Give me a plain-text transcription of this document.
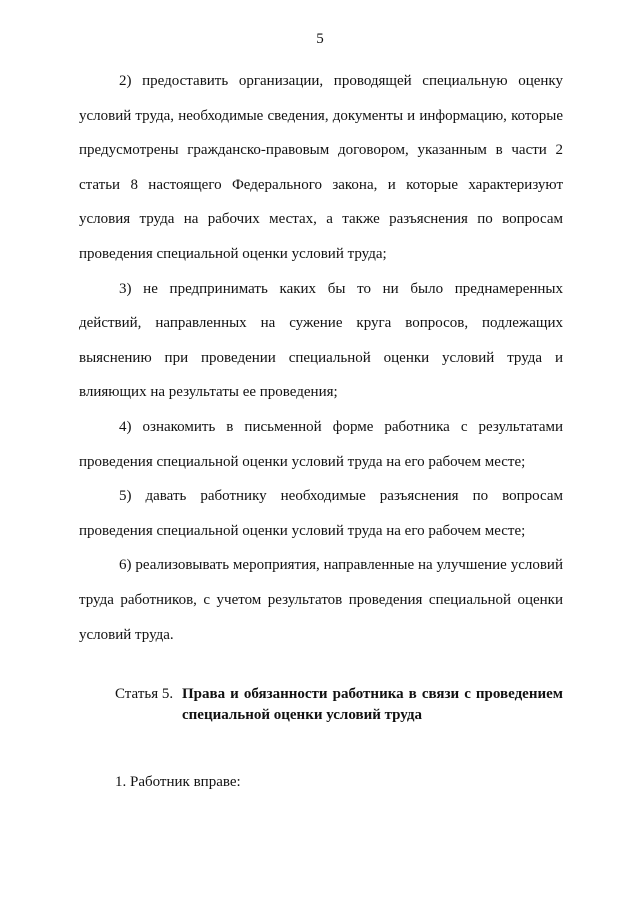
5

2) предоставить организации, проводящей специальную оценку условий труда, необходимые сведения, документы и информацию, которые предусмотрены гражданско-правовым договором, указанным в части 2 статьи 8 настоящего Федерального закона, и которые характеризуют условия труда на рабочих местах, а также разъяснения по вопросам проведения специальной оценки условий труда;

3) не предпринимать каких бы то ни было преднамеренных действий, направленных на сужение круга вопросов, подлежащих выяснению при проведении специальной оценки условий труда и влияющих на результаты ее проведения;

4) ознакомить в письменной форме работника с результатами проведения специальной оценки условий труда на его рабочем месте;

5) давать работнику необходимые разъяснения по вопросам проведения специальной оценки условий труда на его рабочем месте;

6) реализовывать мероприятия, направленные на улучшение условий труда работников, с учетом результатов проведения специальной оценки условий труда.

Статья 5. Права и обязанности работника в связи с проведением специальной оценки условий труда
1. Работник вправе:
